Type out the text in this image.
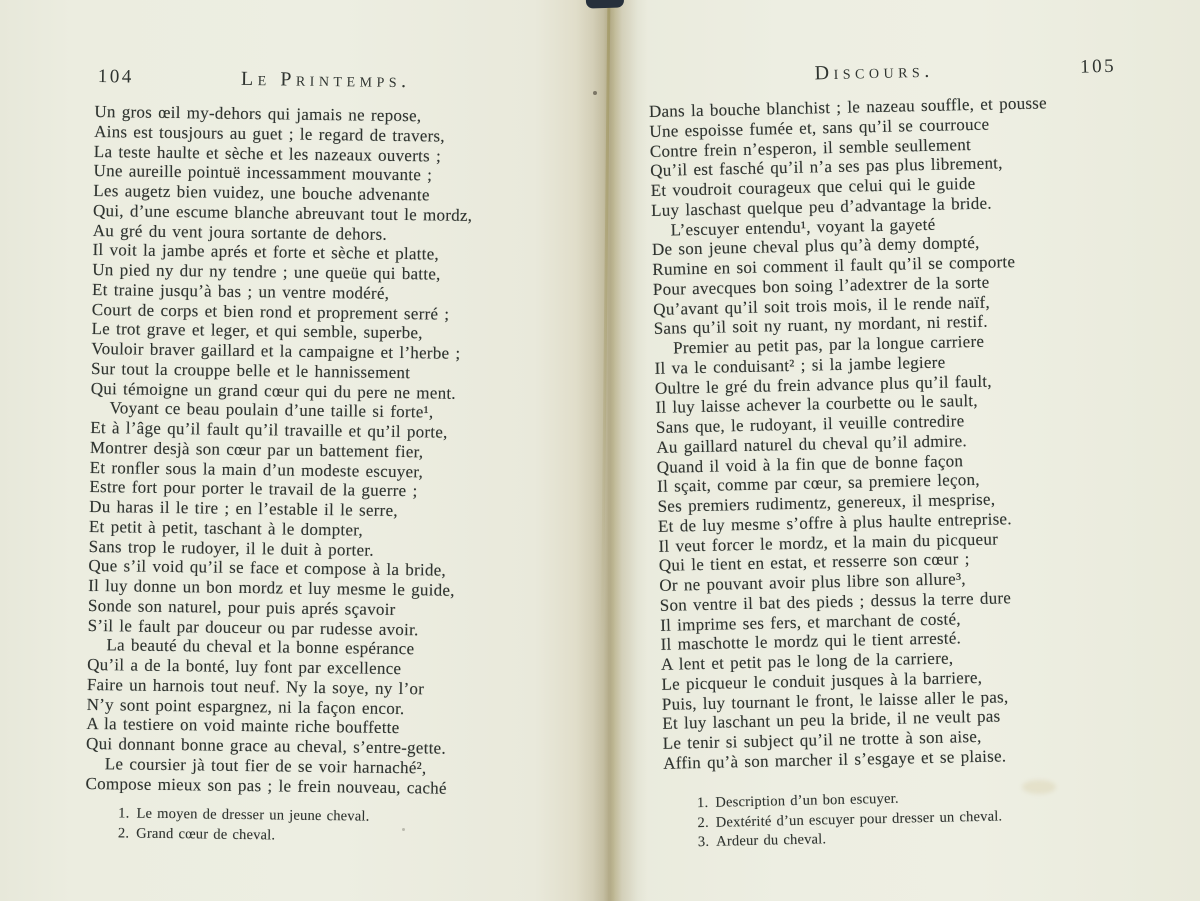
104	Le Printemps.
Un gros œil my-dehors qui jamais ne repose,
Ains est tousjours au guet ; le regard de travers,
La teste haulte et sèche et les nazeaux ouverts ;
Une aureille pointuë incessamment mouvante ;
Les augetz bien vuidez, une bouche advenante
Qui, d’une escume blanche abreuvant tout le mordz,
Au gré du vent joura sortante de dehors.
Il voit la jambe aprés et forte et sèche et platte,
Un pied ny dur ny tendre ; une queüe qui batte,
Et traine jusqu’à bas ; un ventre modéré,
Court de corps et bien rond et proprement serré ;
Le trot grave et leger, et qui semble, superbe,
Vouloir braver gaillard et la campaigne et l’herbe ;
Sur tout la crouppe belle et le hannissement
Qui témoigne un grand cœur qui du pere ne ment.
Voyant ce beau poulain d’une taille si forte¹,
Et à l’âge qu’il fault qu’il travaille et qu’il porte,
Montrer desjà son cœur par un battement fier,
Et ronfler sous la main d’un modeste escuyer,
Estre fort pour porter le travail de la guerre ;
Du haras il le tire ; en l’estable il le serre,
Et petit à petit, taschant à le dompter,
Sans trop le rudoyer, il le duit à porter.
Que s’il void qu’il se face et compose à la bride,
Il luy donne un bon mordz et luy mesme le guide,
Sonde son naturel, pour puis aprés sçavoir
S’il le fault par douceur ou par rudesse avoir.
La beauté du cheval et la bonne espérance
Qu’il a de la bonté, luy font par excellence
Faire un harnois tout neuf. Ny la soye, ny l’or
N’y sont point espargnez, ni la façon encor.
A la testiere on void mainte riche bouffette
Qui donnant bonne grace au cheval, s’entre-gette.
Le coursier jà tout fier de se voir harnaché²,
Compose mieux son pas ; le frein nouveau, caché
1. Le moyen de dresser un jeune cheval.
2. Grand cœur de cheval.
Discours.	105
Dans la bouche blanchist ; le nazeau souffle, et pousse
Une espoisse fumée et, sans qu’il se courrouce
Contre frein n’esperon, il semble seullement
Qu’il est fasché qu’il n’a ses pas plus librement,
Et voudroit courageux que celui qui le guide
Luy laschast quelque peu d’advantage la bride.
L’escuyer entendu¹, voyant la gayeté
De son jeune cheval plus qu’à demy dompté,
Rumine en soi comment il fault qu’il se comporte
Pour avecques bon soing l’adextrer de la sorte
Qu’avant qu’il soit trois mois, il le rende naïf,
Sans qu’il soit ny ruant, ny mordant, ni restif.
Premier au petit pas, par la longue carriere
Il va le conduisant² ; si la jambe legiere
Oultre le gré du frein advance plus qu’il fault,
Il luy laisse achever la courbette ou le sault,
Sans que, le rudoyant, il veuille contredire
Au gaillard naturel du cheval qu’il admire.
Quand il void à la fin que de bonne façon
Il sçait, comme par cœur, sa premiere leçon,
Ses premiers rudimentz, genereux, il mesprise,
Et de luy mesme s’offre à plus haulte entreprise.
Il veut forcer le mordz, et la main du picqueur
Qui le tient en estat, et resserre son cœur ;
Or ne pouvant avoir plus libre son allure³,
Son ventre il bat des pieds ; dessus la terre dure
Il imprime ses fers, et marchant de costé,
Il maschotte le mordz qui le tient arresté.
A lent et petit pas le long de la carriere,
Le picqueur le conduit jusques à la barriere,
Puis, luy tournant le front, le laisse aller le pas,
Et luy laschant un peu la bride, il ne veult pas
Le tenir si subject qu’il ne trotte à son aise,
Affin qu’à son marcher il s’esgaye et se plaise.
1. Description d’un bon escuyer.
2. Dextérité d’un escuyer pour dresser un cheval.
3. Ardeur du cheval.
